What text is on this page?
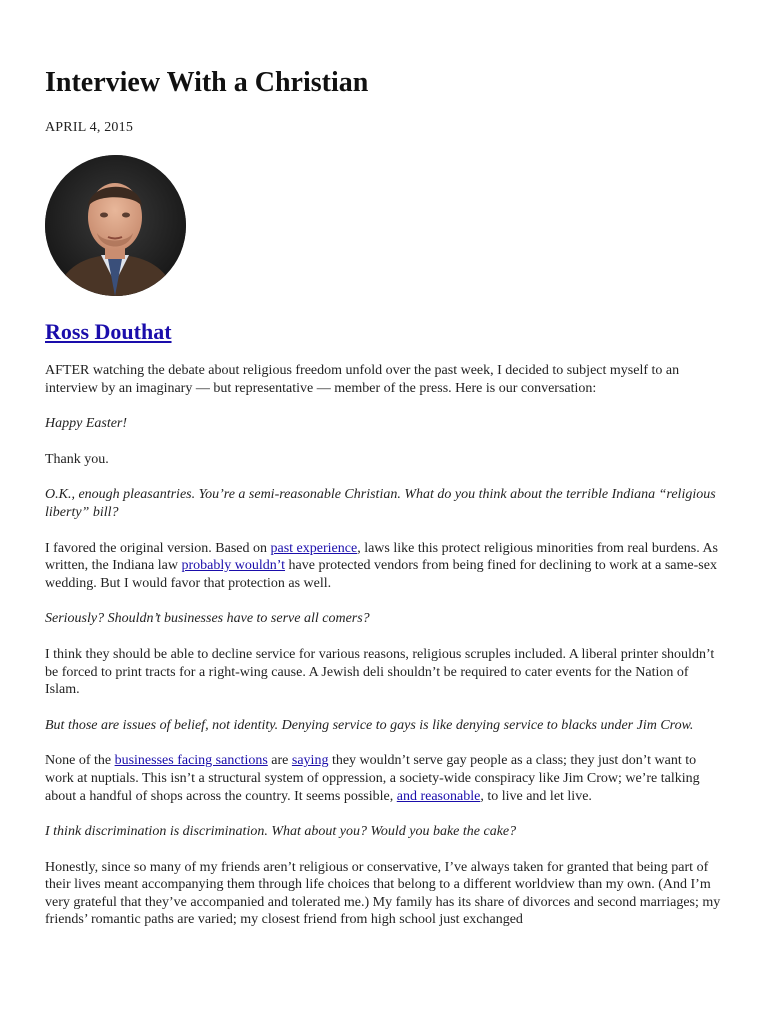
Interview With a Christian
APRIL 4, 2015
Ross Douthat

AFTER watching the debate about religious freedom unfold over the past week, I decided to subject myself to an interview by an imaginary — but representative — member of the press. Here is our conversation:

Happy Easter!

Thank you.

O.K., enough pleasantries. You’re a semi-reasonable Christian. What do you think about the terrible Indiana “religious liberty” bill?

I favored the original version. Based on past experience, laws like this protect religious minorities from real burdens. As written, the Indiana law probably wouldn’t have protected vendors from being fined for declining to work at a same-sex wedding. But I would favor that protection as well.

Seriously? Shouldn’t businesses have to serve all comers?

I think they should be able to decline service for various reasons, religious scruples included. A liberal printer shouldn’t be forced to print tracts for a right-wing cause. A Jewish deli shouldn’t be required to cater events for the Nation of Islam.

But those are issues of belief, not identity. Denying service to gays is like denying service to blacks under Jim Crow.

None of the businesses facing sanctions are saying they wouldn’t serve gay people as a class; they just don’t want to work at nuptials. This isn’t a structural system of oppression, a society-wide conspiracy like Jim Crow; we’re talking about a handful of shops across the country. It seems possible, and reasonable, to live and let live.

I think discrimination is discrimination. What about you? Would you bake the cake?

Honestly, since so many of my friends aren’t religious or conservative, I’ve always taken for granted that being part of their lives meant accompanying them through life choices that belong to a different worldview than my own. (And I’m very grateful that they’ve accompanied and tolerated me.) My family has its share of divorces and second marriages; my friends’ romantic paths are varied; my closest friend from high school just exchanged
